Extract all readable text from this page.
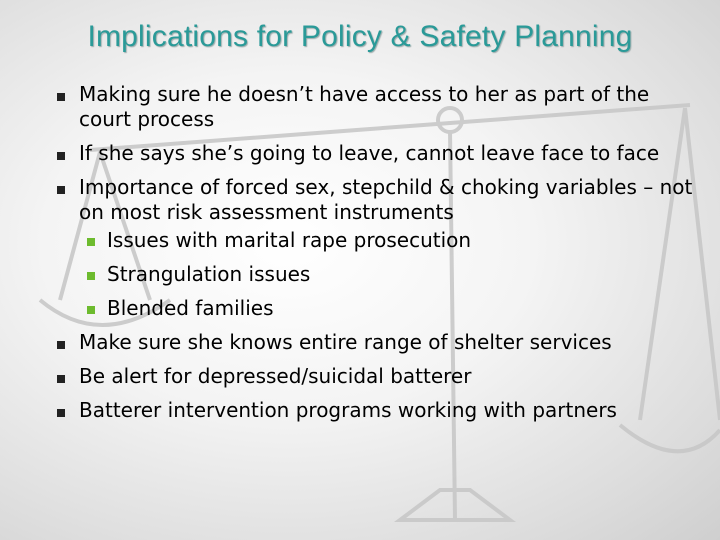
Implications for Policy & Safety Planning
Making sure he doesn’t have access to her as part of the court process
If she says she’s going to leave, cannot leave face to face
Importance of forced sex, stepchild & choking variables – not on most risk assessment instruments
Issues with marital rape prosecution
Strangulation issues
Blended families
Make sure she knows entire range of shelter services
Be alert for depressed/suicidal batterer
Batterer intervention programs working with partners
